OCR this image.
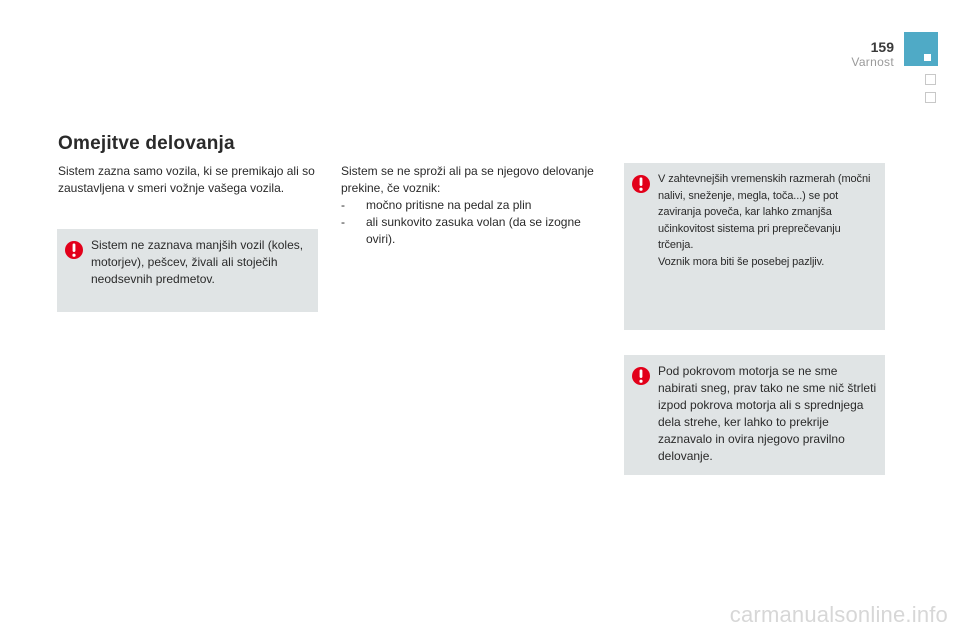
159
Varnost
Omejitve delovanja

Sistem zazna samo vozila, ki se premikajo ali so zaustavljena v smeri vožnje vašega vozila.

Sistem se ne sproži ali pa se njegovo delovanje prekine, če voznik:

- močno pritisne na pedal za plin
- ali sunkovito zasuka volan (da se izogne oviri).
Sistem ne zaznava manjših vozil (koles, motorjev), pešcev, živali ali stoječih neodsevnih predmetov.
V zahtevnejših vremenskih razmerah (močni nalivi, sneženje, megla, toča...) se pot zaviranja poveča, kar lahko zmanjša učinkovitost sistema pri preprečevanju trčenja.
Voznik mora biti še posebej pazljiv.
Pod pokrovom motorja se ne sme nabirati sneg, prav tako ne sme nič štrleti izpod pokrova motorja ali s sprednjega dela strehe, ker lahko to prekrije zaznavalo in ovira njegovo pravilno delovanje.
carmanualsonline.info
